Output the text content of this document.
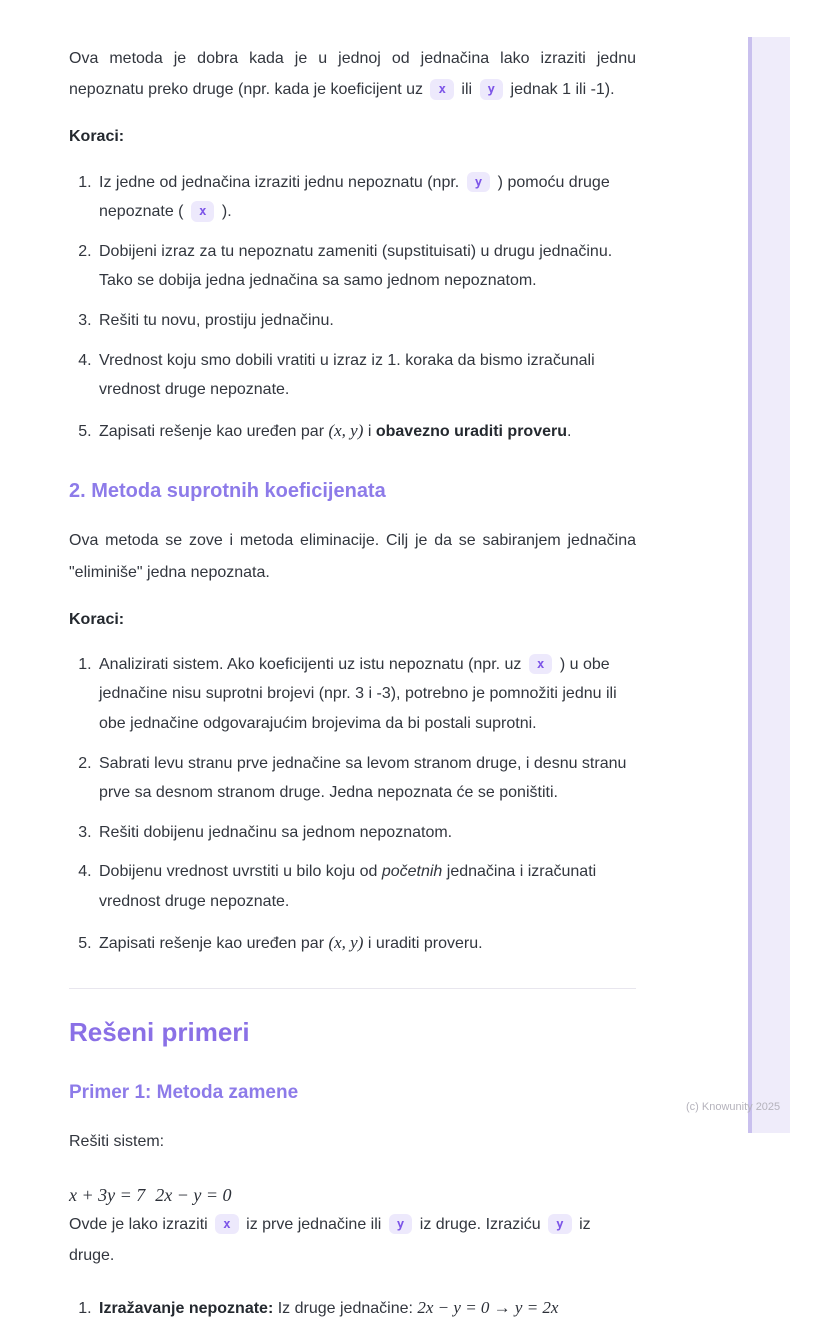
Ova metoda je dobra kada je u jednoj od jednačina lako izraziti jednu nepoznatu preko druge (npr. kada je koeficijent uz x ili y jednak 1 ili -1).

Koraci:

1. Iz jedne od jednačina izraziti jednu nepoznatu (npr. y ) pomoću druge nepoznate ( x ).
2. Dobijeni izraz za tu nepoznatu zameniti (supstituisati) u drugu jednačinu. Tako se dobija jedna jednačina sa samo jednom nepoznatom.
3. Rešiti tu novu, prostiju jednačinu.
4. Vrednost koju smo dobili vratiti u izraz iz 1. koraka da bismo izračunali vrednost druge nepoznate.
5. Zapisati rešenje kao uređen par (x, y) i obavezno uraditi proveru.
2. Metoda suprotnih koeficijenata

Ova metoda se zove i metoda eliminacije. Cilj je da se sabiranjem jednačina "eliminiše" jedna nepoznata.

Koraci:

1. Analizirati sistem. Ako koeficijenti uz istu nepoznatu (npr. uz x ) u obe jednačine nisu suprotni brojevi (npr. 3 i -3), potrebno je pomnožiti jednu ili obe jednačine odgovarajućim brojevima da bi postali suprotni.
2. Sabrati levu stranu prve jednačine sa levom stranom druge, i desnu stranu prve sa desnom stranom druge. Jedna nepoznata će se poništiti.
3. Rešiti dobijenu jednačinu sa jednom nepoznatom.
4. Dobijenu vrednost uvrstiti u bilo koju od početnih jednačina i izračunati vrednost druge nepoznate.
5. Zapisati rešenje kao uređen par (x, y) i uraditi proveru.
Rešeni primeri
Primer 1: Metoda zamene

Rešiti sistem:

x + 3y = 7 2x − y = 0

Ovde je lako izraziti x iz prve jednačine ili y iz druge. Izraziću y iz druge.

1. Izražavanje nepoznate: Iz druge jednačine: 2x − y = 0 → y = 2x
(c) Knowunity 2025
